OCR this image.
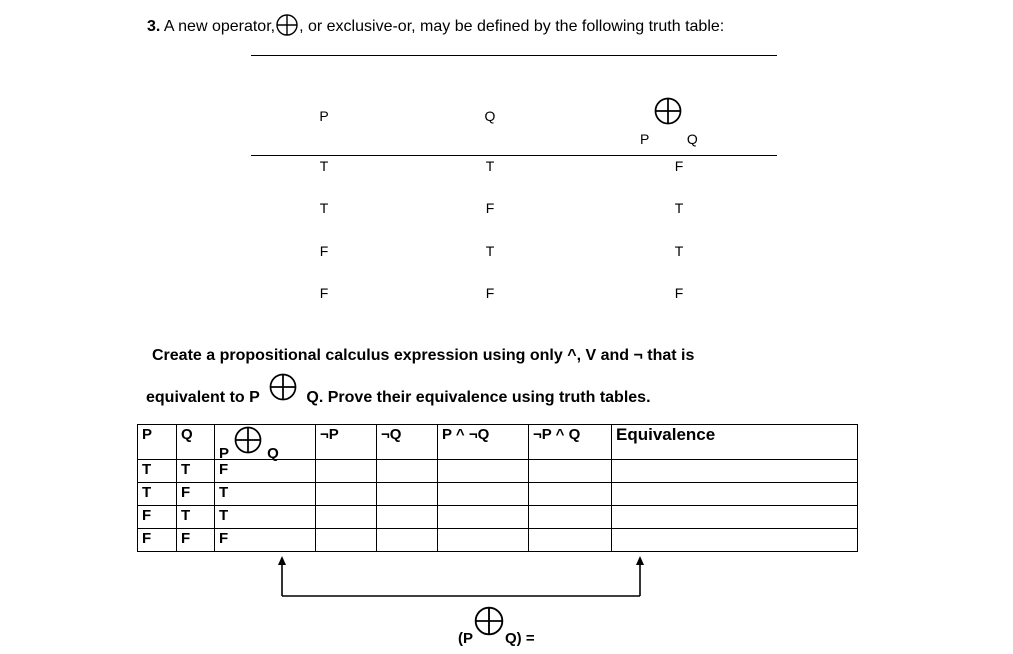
3. A new operator, , or exclusive-or, may be defined by the following truth table:
P	Q
P	Q
T	T	F
T	F	T
F	T	T
F	F	F
Create a propositional calculus expression using only ^, V and ¬ that is
equivalent to P	Q. Prove their equivalence using truth tables.
P	Q	P Q	¬P	¬Q	P ^ ¬Q	¬P ^ Q	Equivalence
T	T	F					
T	F	T					
F	T	T					
F	F	F					
(P Q) =
